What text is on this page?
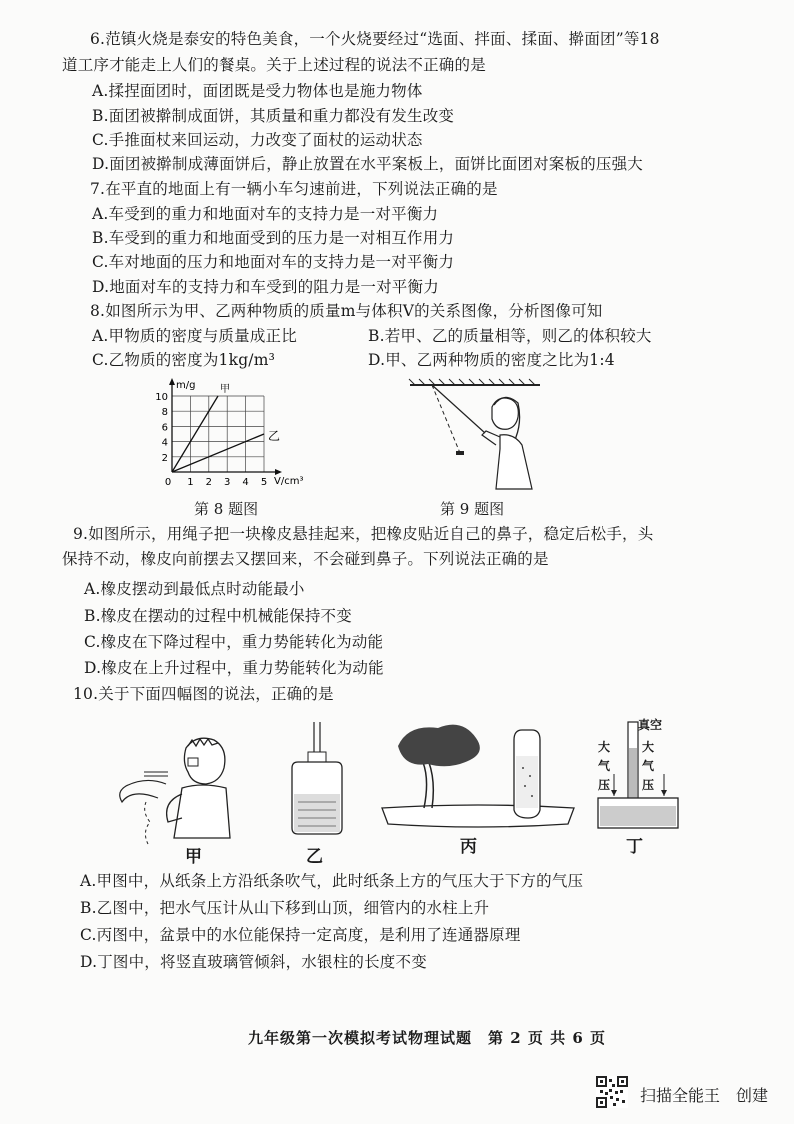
6.范镇火烧是泰安的特色美食，一个火烧要经过“选面、拌面、揉面、擀面团”等18
道工序才能走上人们的餐桌。关于上述过程的说法不正确的是
A.揉捏面团时，面团既是受力物体也是施力物体
B.面团被擀制成面饼，其质量和重力都没有发生改变
C.手推面杖来回运动，力改变了面杖的运动状态
D.面团被擀制成薄面饼后，静止放置在水平案板上，面饼比面团对案板的压强大
7.在平直的地面上有一辆小车匀速前进，下列说法正确的是
A.车受到的重力和地面对车的支持力是一对平衡力
B.车受到的重力和地面受到的压力是一对相互作用力
C.车对地面的压力和地面对车的支持力是一对平衡力
D.地面对车的支持力和车受到的阻力是一对平衡力
8.如图所示为甲、乙两种物质的质量m与体积V的关系图像，分析图像可知
A.甲物质的密度与质量成正比	B.若甲、乙的质量相等，则乙的体积较大
C.乙物质的密度为1kg/m³	D.甲、乙两种物质的密度之比为1:4
10
8
6
4
2
0 1 2 3 4 5
m/g
V/cm³
甲
乙
第 8 题图	第 9 题图
9.如图所示，用绳子把一块橡皮悬挂起来，把橡皮贴近自己的鼻子，稳定后松手，头
保持不动，橡皮向前摆去又摆回来，不会碰到鼻子。下列说法正确的是
A.橡皮摆动到最低点时动能最小
B.橡皮在摆动的过程中机械能保持不变
C.橡皮在下降过程中，重力势能转化为动能
D.橡皮在上升过程中，重力势能转化为动能
10.关于下面四幅图的说法，正确的是
甲	乙	丙
真空
大气压
大气压
丁
A.甲图中，从纸条上方沿纸条吹气，此时纸条上方的气压大于下方的气压
B.乙图中，把水气压计从山下移到山顶，细管内的水柱上升
C.丙图中，盆景中的水位能保持一定高度，是利用了连通器原理
D.丁图中，将竖直玻璃管倾斜，水银柱的长度不变
九年级第一次模拟考试物理试题　第 2 页 共 6 页
扫描全能王　创建
